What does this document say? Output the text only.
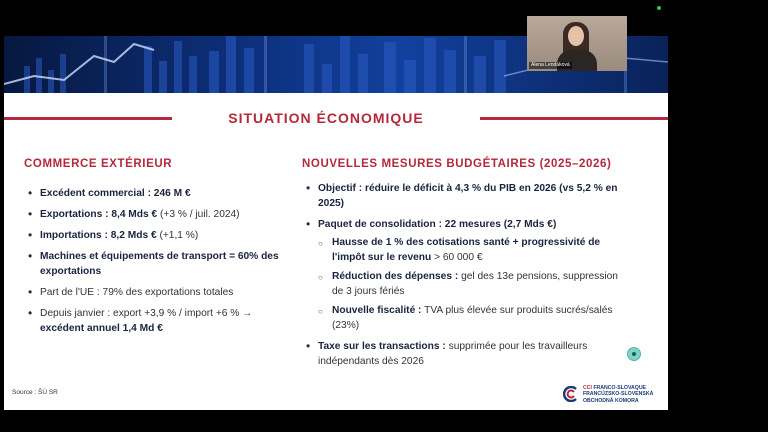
SITUATION ÉCONOMIQUE
COMMERCE EXTÉRIEUR
• Excédent commercial : 246 M €
• Exportations : 8,4 Mds € (+3 % / juil. 2024)
• Importations : 8,2 Mds € (+1,1 %)
• Machines et équipements de transport = 60% des exportations
• Part de l'UE : 79% des exportations totales
• Depuis janvier : export +3,9 % / import +6 % →
excédent annuel 1,4 Md €
NOUVELLES MESURES BUDGÉTAIRES (2025–2026)
• Objectif : réduire le déficit à 4,3 % du PIB en 2026 (vs 5,2 % en 2025)
• Paquet de consolidation : 22 mesures (2,7 Mds €)
○ Hausse de 1 % des cotisations santé + progressivité de l'impôt sur le revenu > 60 000 €
○ Réduction des dépenses : gel des 13e pensions, suppression de 3 jours fériés
○ Nouvelle fiscalité : TVA plus élevée sur produits sucrés/salés (23%)
• Taxe sur les transactions : supprimée pour les travailleurs indépendants dès 2026
Source : ŠÚ SR
CCI FRANCO-SLOVAQUE
FRANCÚZSKO-SLOVENSKÁ
OBCHODNÁ KOMORA
Alena Lendáková
